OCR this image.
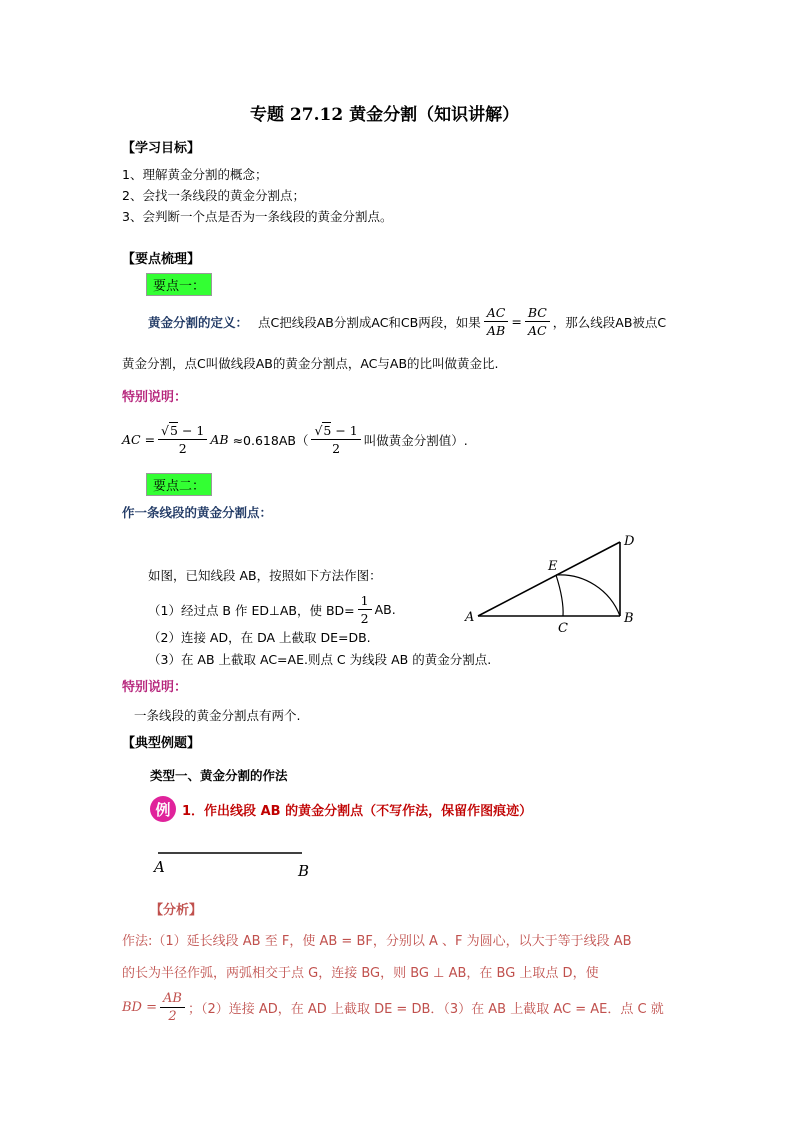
专题 27.12 黄金分割（知识讲解）
【学习目标】
1、理解黄金分割的概念；
2、会找一条线段的黄金分割点；
3、会判断一个点是否为一条线段的黄金分割点。
【要点梳理】
要点一：
黄金分割的定义： 点C把线段AB分割成AC和CB两段，如果 $\frac{AC}{AB} = \frac{BC}{AC}$ ，那么线段AB被点C
黄金分割，点C叫做线段AB的黄金分割点，AC与AB的比叫做黄金比.
特别说明：
AC = $\frac{√5 - 1}{2}$ AB $\approx 0.618AB( \frac{√5 - 1}{2}$ 叫做黄金分割值）.
要点二：
作一条线段的黄金分割点：
如图，已知线段 AB，按照如下方法作图：
（1）经过点 B 作 ED⊥AB，使 $BD= \frac{1}{2}$ AB.
（2）连接 AD，在 DA 上截取 DE=DB.
（3）在 AB 上截取 AC=AE.则点 C 为线段 AB 的黄金分割点.
A	B
C
D
E
特别说明：
一条线段的黄金分割点有两个.
【典型例题】
类型一、黄金分割的作法
例 1． 作出线段 AB 的黄金分割点（不写作法，保留作图痕迹）
A	B
【分析】
作法:（1）延长线段 AB 至 F，使 AB = BF，分别以 A 、F 为圆心，以大于等于线段 AB
的长为半径作弧，两弧相交于点 G，连接 BG，则 BG ⊥ AB，在 BG 上取点 D，使
BD = $\frac{AB}{2}$ ；（2）连接 AD，在 AD 上截取 DE = DB．（3）在 AB 上截取 AC = AE．点 C 就
